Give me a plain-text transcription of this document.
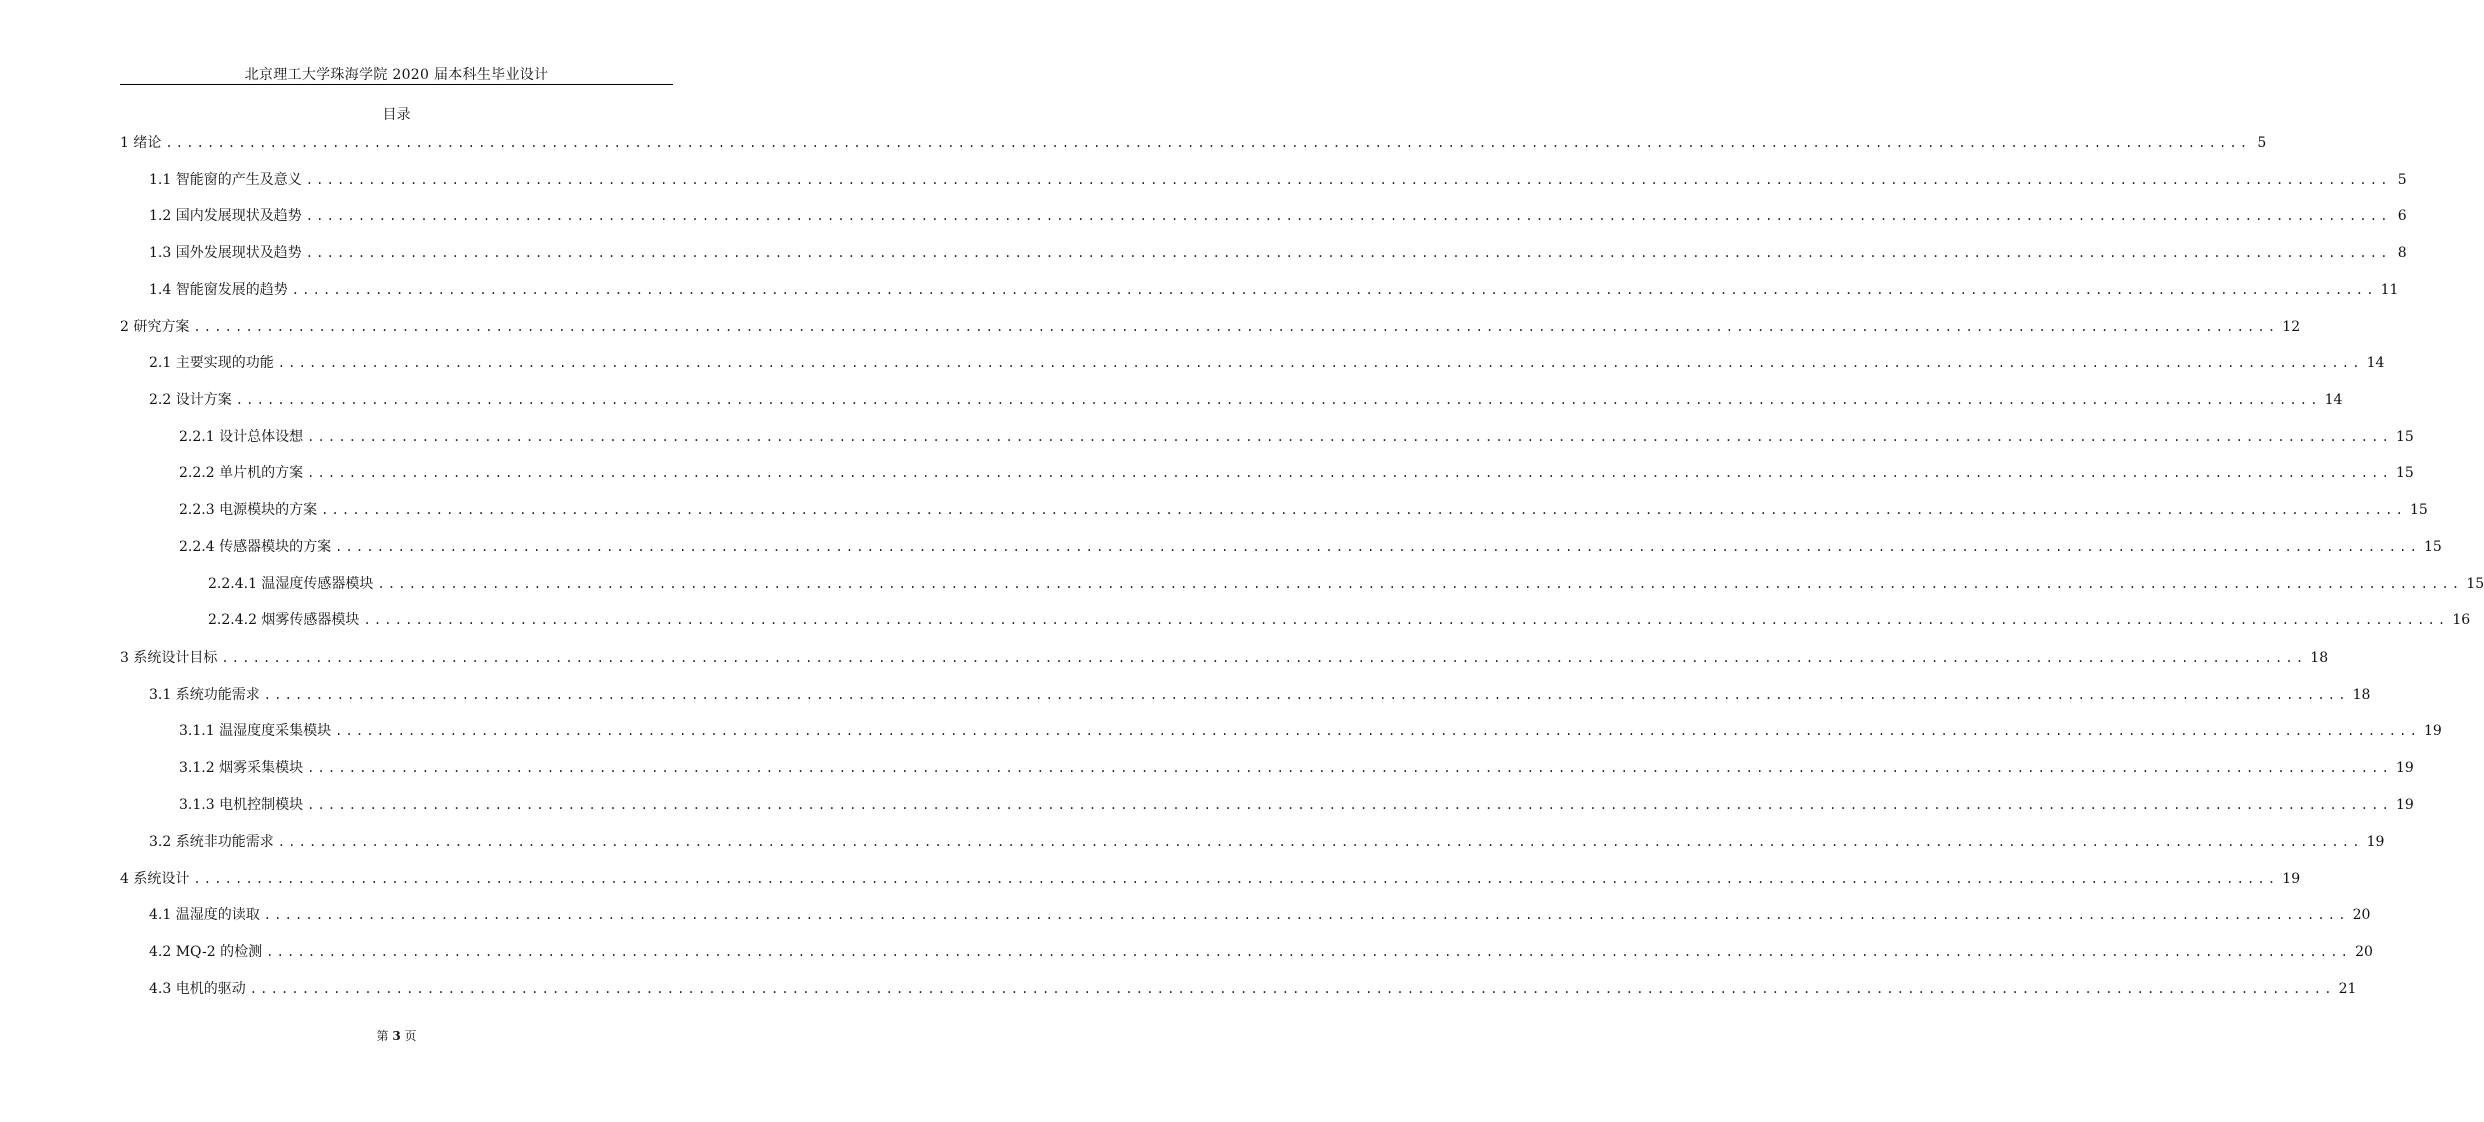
北京理工大学珠海学院 2020 届本科生毕业设计
目录
1 绪论 ........................................................................................................................................................................................................ 5
1.1 智能窗的产生及意义 ........................................................................................................................................................................................................ 5
1.2 国内发展现状及趋势 ........................................................................................................................................................................................................ 6
1.3 国外发展现状及趋势 ........................................................................................................................................................................................................ 8
1.4 智能窗发展的趋势 ........................................................................................................................................................................................................ 11
2 研究方案 ........................................................................................................................................................................................................ 12
2.1 主要实现的功能 ........................................................................................................................................................................................................ 14
2.2 设计方案 ........................................................................................................................................................................................................ 14
2.2.1 设计总体设想 ........................................................................................................................................................................................................ 15
2.2.2 单片机的方案 ........................................................................................................................................................................................................ 15
2.2.3 电源模块的方案 ........................................................................................................................................................................................................ 15
2.2.4 传感器模块的方案 ........................................................................................................................................................................................................ 15
2.2.4.1 温湿度传感器模块 ........................................................................................................................................................................................................ 15
2.2.4.2 烟雾传感器模块 ........................................................................................................................................................................................................ 16
3 系统设计目标 ........................................................................................................................................................................................................ 18
3.1 系统功能需求 ........................................................................................................................................................................................................ 18
3.1.1 温湿度度采集模块 ........................................................................................................................................................................................................ 19
3.1.2 烟雾采集模块 ........................................................................................................................................................................................................ 19
3.1.3 电机控制模块 ........................................................................................................................................................................................................ 19
3.2 系统非功能需求 ........................................................................................................................................................................................................ 19
4 系统设计 ........................................................................................................................................................................................................ 19
4.1 温湿度的读取 ........................................................................................................................................................................................................ 20
4.2 MQ-2 的检测 ........................................................................................................................................................................................................ 20
4.3 电机的驱动 ........................................................................................................................................................................................................ 21
第 3 页
